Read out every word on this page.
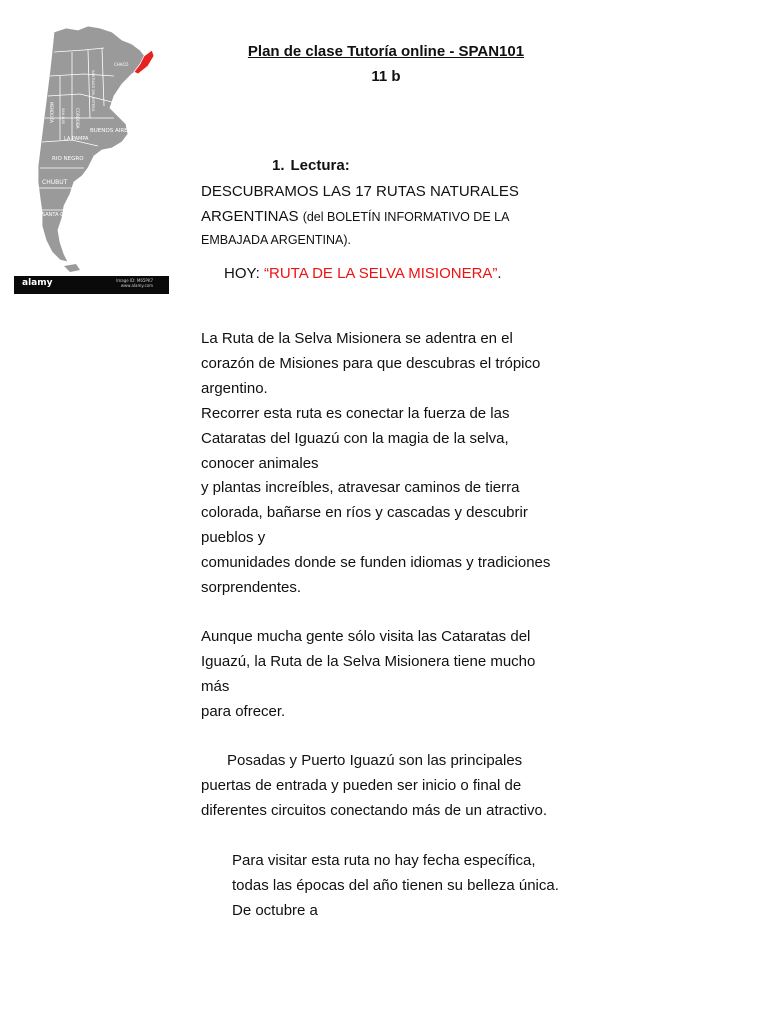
CHACO
SANTIAGO DEL ESTERO
CORDOBA
MENDOZA SAN LUIS
LA PAMPA
BUENOS AIRES
RIO NEGRO
CHUBUT
SANTA CRUZ
alamy	Image ID: M65PK7
www.alamy.com
Plan de clase Tutoría online - SPAN101
11 b
1. Lectura:
DESCUBRAMOS LAS 17 RUTAS NATURALES
ARGENTINAS (del BOLETÍN INFORMATIVO DE LA
EMBAJADA ARGENTINA).
HOY: “RUTA DE LA SELVA MISIONERA”.
La Ruta de la Selva Misionera se adentra en el
corazón de Misiones para que descubras el trópico
argentino.
Recorrer esta ruta es conectar la fuerza de las
Cataratas del Iguazú con la magia de la selva,
conocer animales
y plantas increíbles, atravesar caminos de tierra
colorada, bañarse en ríos y cascadas y descubrir
pueblos y
comunidades donde se funden idiomas y tradiciones
sorprendentes.
Aunque mucha gente sólo visita las Cataratas del
Iguazú, la Ruta de la Selva Misionera tiene mucho
más
para ofrecer.
Posadas y Puerto Iguazú son las principales
puertas de entrada y pueden ser inicio o final de
diferentes circuitos conectando más de un atractivo.
Para visitar esta ruta no hay fecha específica,
todas las épocas del año tienen su belleza única.
De octubre a
